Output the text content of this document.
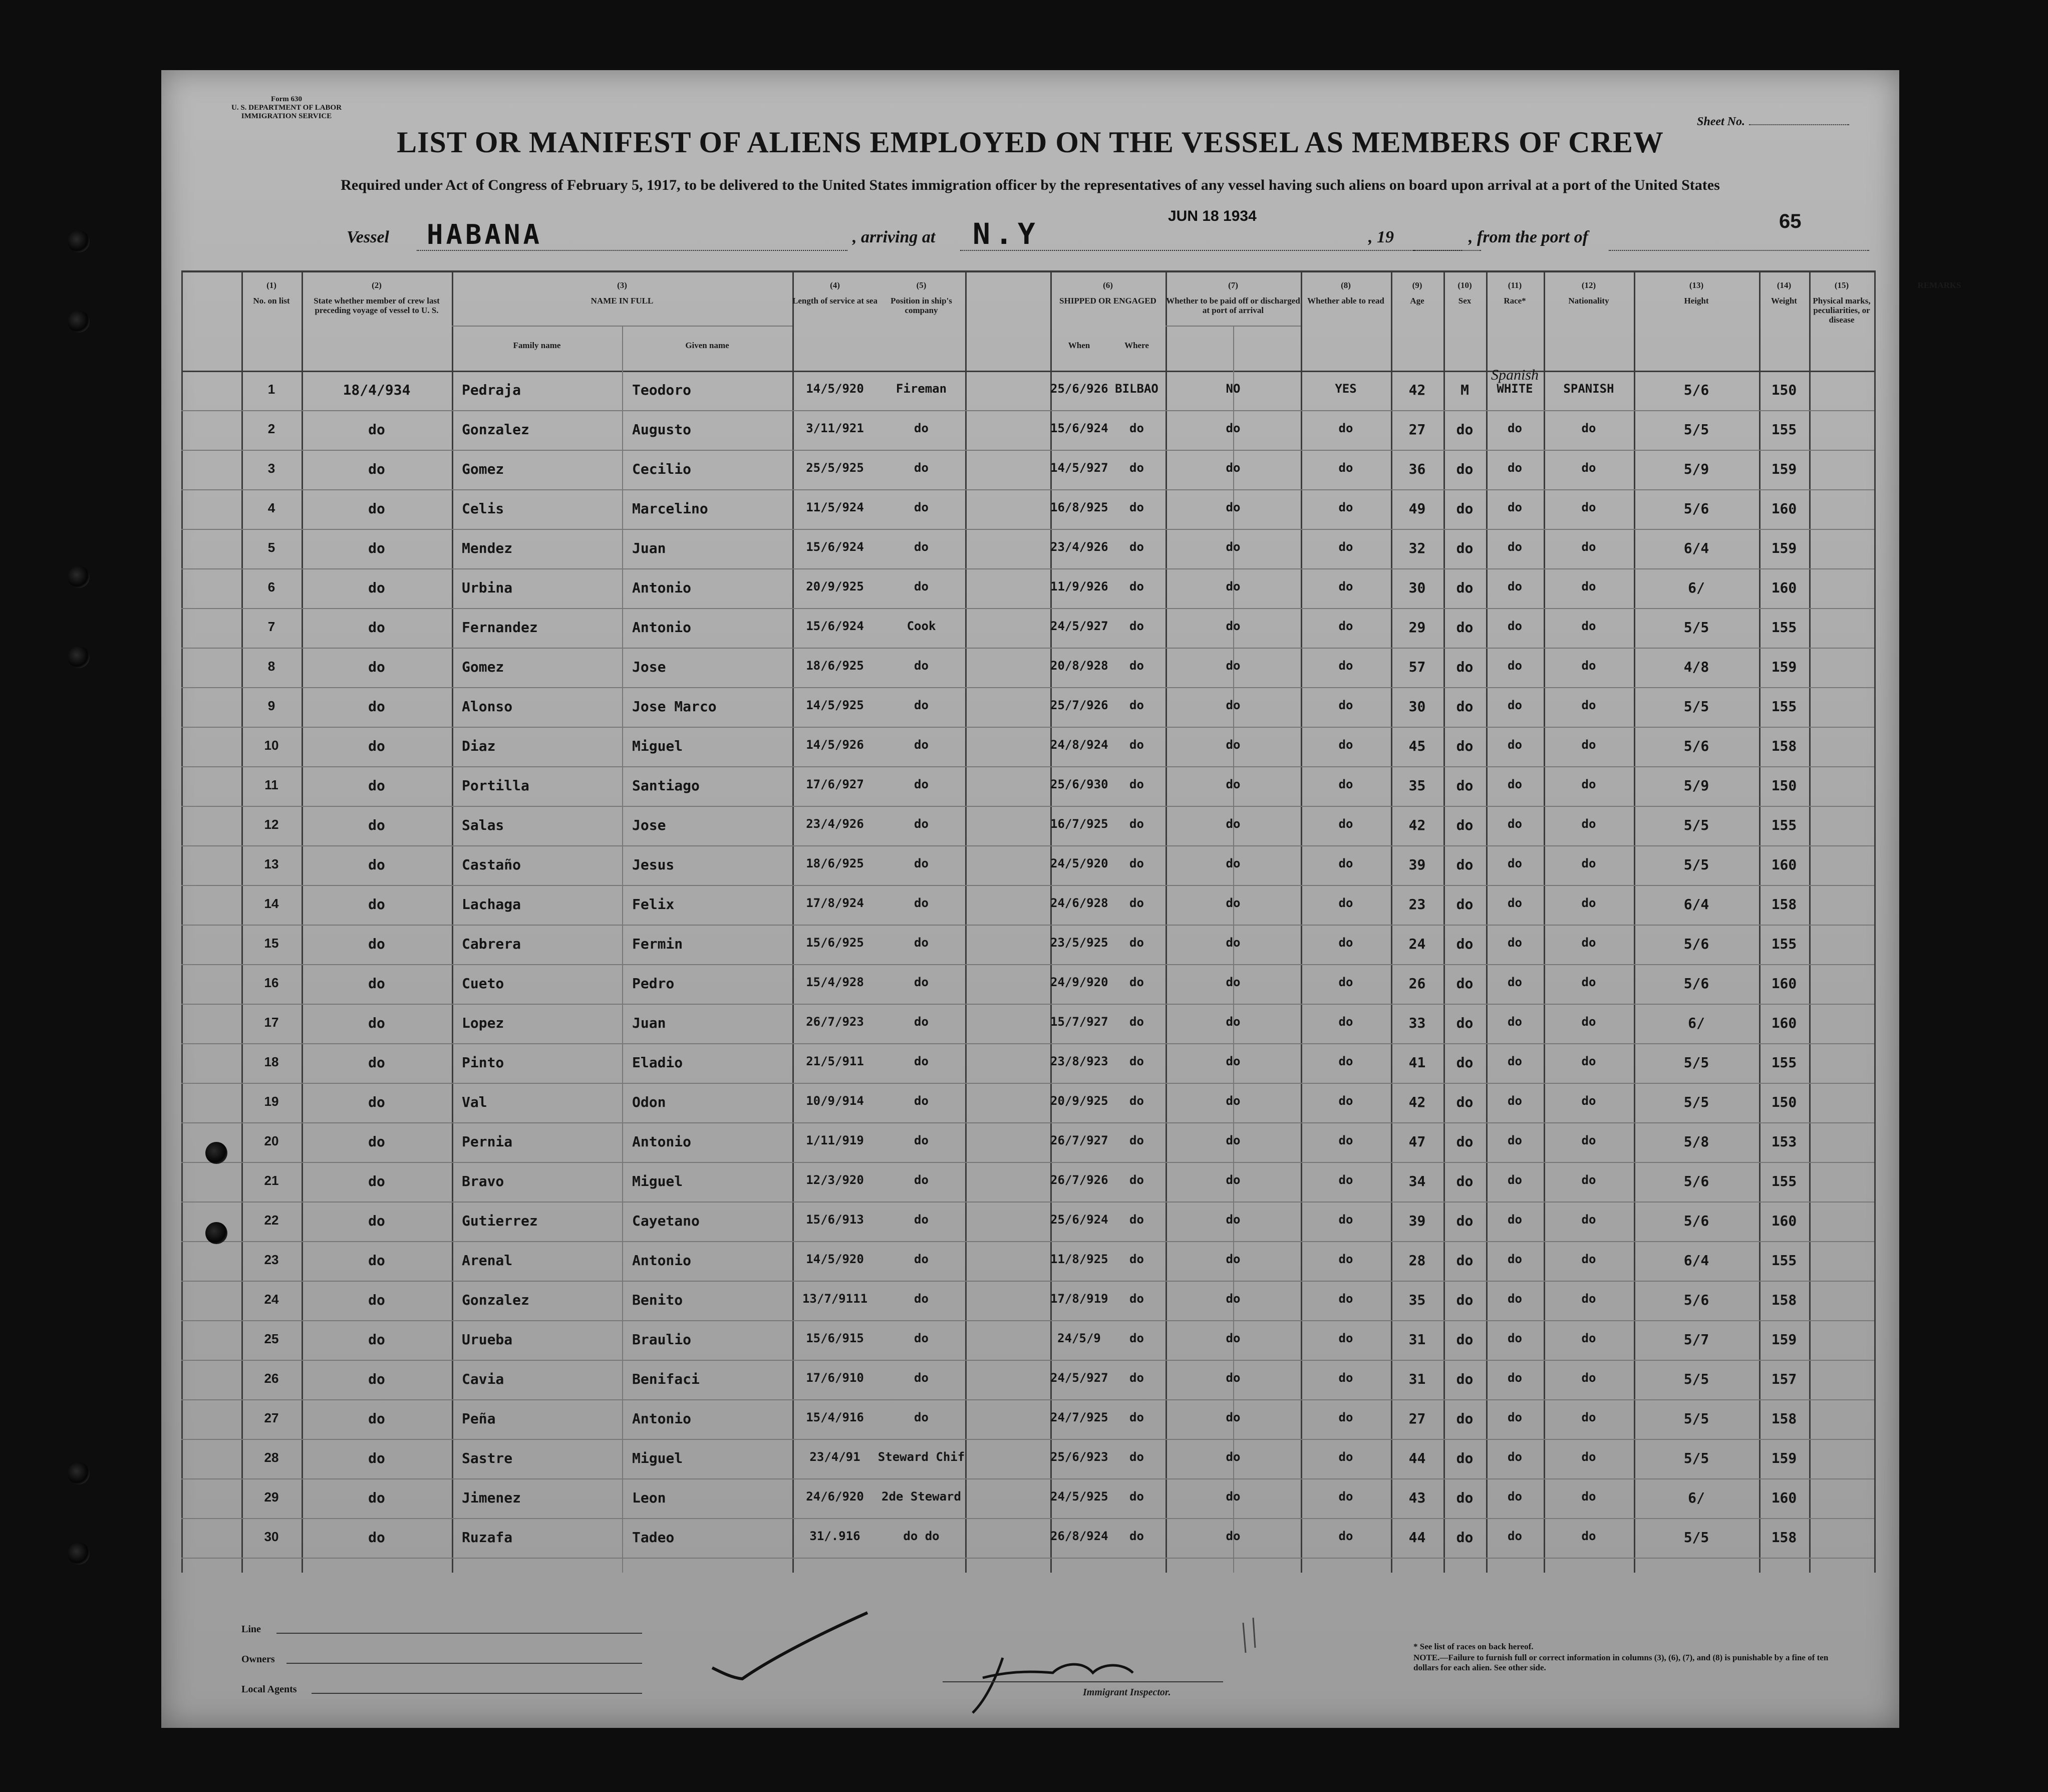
Form 630
U. S. DEPARTMENT OF LABOR
IMMIGRATION SERVICE	Sheet No.
LIST OR MANIFEST OF ALIENS EMPLOYED ON THE VESSEL AS MEMBERS OF CREW
Required under Act of Congress of February 5, 1917, to be delivered to the United States immigration officer by the representatives of any vessel having such aliens on board upon arrival at a port of the United States
65
Vessel HABANA	, arriving at N.Y
JUN 18 1934
, 19	, from the port of
(1)
No. on list
(2)
State whether member of crew last preceding voyage of vessel to U. S.
(3)
NAME IN FULL
Family name	Given name
(4)
Length of service at sea
(5)
Position in ship's company
(6)
SHIPPED OR ENGAGED
When	Where
(7)
Whether to be paid off or discharged at port of arrival
(8)
Whether able to read
(9)
Age
(10)
Sex
(11)
Race*
(12)
Nationality
(13)
Height
(14)
Weight
(15)
Physical marks, peculiarities, or disease
REMARKS
1	18/4/934	Pedraja	Teodoro	14/5/920	Fireman	25/6/926 BILBAO	NO	YES	42	M	WHITE	SPANISH	5/6	150
2	do	Gonzalez	Augusto	3/11/921	do	15/6/924	do	do	do	27	do	do	do	5/5	155
3	do	Gomez	Cecilio	25/5/925	do	14/5/927	do	do	do	36	do	do	do	5/9	159
4	do	Celis	Marcelino	11/5/924	do	16/8/925	do	do	do	49	do	do	do	5/6	160
5	do	Mendez	Juan	15/6/924	do	23/4/926	do	do	do	32	do	do	do	6/4	159
6	do	Urbina	Antonio	20/9/925	do	11/9/926	do	do	do	30	do	do	do	6/	160
7	do	Fernandez	Antonio	15/6/924	Cook	24/5/927	do	do	do	29	do	do	do	5/5	155
8	do	Gomez	Jose	18/6/925	do	20/8/928	do	do	do	57	do	do	do	4/8	159
9	do	Alonso	Jose Marco	14/5/925	do	25/7/926	do	do	do	30	do	do	do	5/5	155
10	do	Diaz	Miguel	14/5/926	do	24/8/924	do	do	do	45	do	do	do	5/6	158
11	do	Portilla	Santiago	17/6/927	do	25/6/930	do	do	do	35	do	do	do	5/9	150
12	do	Salas	Jose	23/4/926	do	16/7/925	do	do	do	42	do	do	do	5/5	155
13	do	Castaño	Jesus	18/6/925	do	24/5/920	do	do	do	39	do	do	do	5/5	160
14	do	Lachaga	Felix	17/8/924	do	24/6/928	do	do	do	23	do	do	do	6/4	158
15	do	Cabrera	Fermin	15/6/925	do	23/5/925	do	do	do	24	do	do	do	5/6	155
16	do	Cueto	Pedro	15/4/928	do	24/9/920	do	do	do	26	do	do	do	5/6	160
17	do	Lopez	Juan	26/7/923	do	15/7/927	do	do	do	33	do	do	do	6/	160
18	do	Pinto	Eladio	21/5/911	do	23/8/923	do	do	do	41	do	do	do	5/5	155
19	do	Val	Odon	10/9/914	do	20/9/925	do	do	do	42	do	do	do	5/5	150
20	do	Pernia	Antonio	1/11/919	do	26/7/927	do	do	do	47	do	do	do	5/8	153
21	do	Bravo	Miguel	12/3/920	do	26/7/926	do	do	do	34	do	do	do	5/6	155
22	do	Gutierrez	Cayetano	15/6/913	do	25/6/924	do	do	do	39	do	do	do	5/6	160
23	do	Arenal	Antonio	14/5/920	do	11/8/925	do	do	do	28	do	do	do	6/4	155
24	do	Gonzalez	Benito	13/7/9111	do	17/8/919	do	do	do	35	do	do	do	5/6	158
25	do	Urueba	Braulio	15/6/915	do	24/5/9	do	do	do	31	do	do	do	5/7	159
26	do	Cavia	Benifaci	17/6/910	do	24/5/927	do	do	do	31	do	do	do	5/5	157
27	do	Peña	Antonio	15/4/916	do	24/7/925	do	do	do	27	do	do	do	5/5	158
28	do	Sastre	Miguel	23/4/91	Steward Chif	25/6/923	do	do	do	44	do	do	do	5/5	159
29	do	Jimenez	Leon	24/6/920	2de Steward	24/5/925	do	do	do	43	do	do	do	6/	160
30	do	Ruzafa	Tadeo	31/.916	do do	26/8/924	do	do	do	44	do	do	do	5/5	158
Spanish
Line
Owners
Local Agents	Immigrant Inspector.
* See list of races on back hereof.
NOTE.—Failure to furnish full or correct information in columns (3), (6), (7), and (8) is punishable by a fine of ten dollars for each alien. See other side.
